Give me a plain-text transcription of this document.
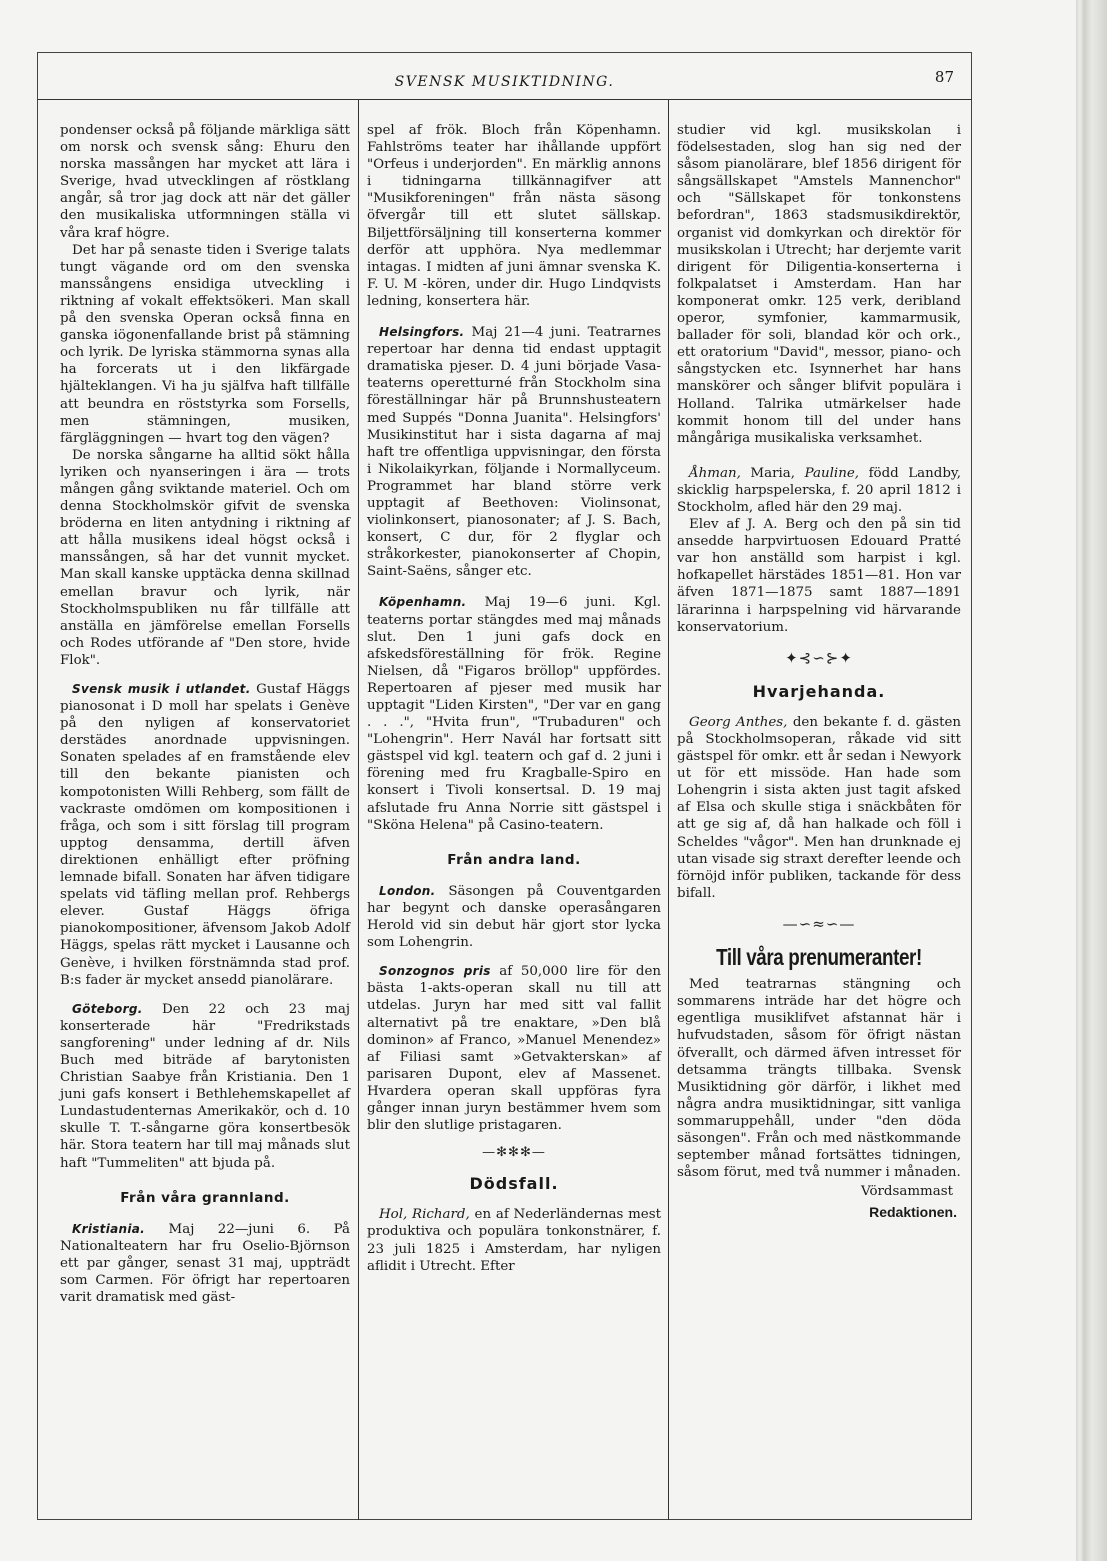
SVENSK MUSIKTIDNING.	87

pondenser också på följande märkliga sätt om norsk och svensk sång: Ehuru den norska massången har mycket att lära i Sverige, hvad utvecklingen af röstklang angår, så tror jag dock att när det gäller den musikaliska utformningen ställa vi våra kraf högre.

Det har på senaste tiden i Sverige talats tungt vägande ord om den svenska manssångens ensidiga utveckling i riktning af vokalt effektsökeri. Man skall på den svenska Operan också finna en ganska iögonenfallande brist på stämning och lyrik. De lyriska stämmorna synas alla ha forcerats ut i den likfärgade hjälteklangen. Vi ha ju själfva haft tillfälle att beundra en röststyrka som Forsells, men stämningen, musiken, färgläggningen — hvart tog den vägen?

De norska sångarne ha alltid sökt hålla lyriken och nyanseringen i ära — trots mången gång sviktande materiel. Och om denna Stockholmskör gifvit de svenska bröderna en liten antydning i riktning af att hålla musikens ideal högst också i manssången, så har det vunnit mycket. Man skall kanske upptäcka denna skillnad emellan bravur och lyrik, när Stockholmspubliken nu får tillfälle att anställa en jämförelse emellan Forsells och Rodes utförande af "Den store, hvide Flok".

Svensk musik i utlandet. Gustaf Häggs pianosonat i D moll har spelats i Genève på den nyligen af konservatoriet derstädes anordnade uppvisningen. Sonaten spelades af en framstående elev till den bekante pianisten och kompotonisten Willi Rehberg, som fällt de vackraste omdömen om kompositionen i fråga, och som i sitt förslag till program upptog densamma, dertill äfven direktionen enhälligt efter pröfning lemnade bifall. Sonaten har äfven tidigare spelats vid täfling mellan prof. Rehbergs elever. Gustaf Häggs öfriga pianokompositioner, äfvensom Jakob Adolf Häggs, spelas rätt mycket i Lausanne och Genève, i hvilken förstnämnda stad prof. B:s fader är mycket ansedd pianolärare.

Göteborg. Den 22 och 23 maj konserterade här "Fredrikstads sangforening" under ledning af dr. Nils Buch med biträde af barytonisten Christian Saabye från Kristiania. Den 1 juni gafs konsert i Bethlehemskapellet af Lundastudenternas Amerikakör, och d. 10 skulle T. T.-sångarne göra konsertbesök här. Stora teatern har till maj månads slut haft "Tummeliten" att bjuda på.

Från våra grannland.

Kristiania. Maj 22—juni 6. På Nationalteatern har fru Oselio-Björnson ett par gånger, senast 31 maj, uppträdt som Carmen. För öfrigt har repertoaren varit dramatisk med gäst-

spel af frök. Bloch från Köpenhamn. Fahlströms teater har ihållande uppfört "Orfeus i underjorden". En märklig annons i tidningarna tillkännagifver att "Musikforeningen" från nästa säsong öfvergår till ett slutet sällskap. Biljettförsäljning till konserterna kommer derför att upphöra. Nya medlemmar intagas. I midten af juni ämnar svenska K. F. U. M -kören, under dir. Hugo Lindqvists ledning, konsertera här.

Helsingfors. Maj 21—4 juni. Teatrarnes repertoar har denna tid endast upptagit dramatiska pjeser. D. 4 juni började Vasa-teaterns operetturné från Stockholm sina föreställningar här på Brunnshusteatern med Suppés "Donna Juanita". Helsingfors' Musikinstitut har i sista dagarna af maj haft tre offentliga uppvisningar, den första i Nikolaikyrkan, följande i Normallyceum. Programmet har bland större verk upptagit af Beethoven: Violinsonat, violinkonsert, pianosonater; af J. S. Bach, konsert, C dur, för 2 flyglar och stråkorkester, pianokonserter af Chopin, Saint-Saëns, sånger etc.

Köpenhamn. Maj 19—6 juni. Kgl. teaterns portar stängdes med maj månads slut. Den 1 juni gafs dock en afskedsföreställning för frök. Regine Nielsen, då "Figaros bröllop" uppfördes. Repertoaren af pjeser med musik har upptagit "Liden Kirsten", "Der var en gang . . .", "Hvita frun", "Trubaduren" och "Lohengrin". Herr Navál har fortsatt sitt gästspel vid kgl. teatern och gaf d. 2 juni i förening med fru Kragballe-Spiro en konsert i Tivoli konsertsal. D. 19 maj afslutade fru Anna Norrie sitt gästspel i "Sköna Helena" på Casino-teatern.

Från andra land.

London. Säsongen på Couventgarden har begynt och danske operasångaren Herold vid sin debut här gjort stor lycka som Lohengrin.

Sonzognos pris af 50,000 lire för den bästa 1-akts-operan skall nu till att utdelas. Juryn har med sitt val fallit alternativt på tre enaktare, »Den blå dominon» af Franco, »Manuel Menendez» af Filiasi samt »Getvakterskan» af parisaren Dupont, elev af Massenet. Hvardera operan skall uppföras fyra gånger innan juryn bestämmer hvem som blir den slutlige pristagaren.

—✻✻✻—
Dödsfall.

Hol, Richard, en af Nederländernas mest produktiva och populära tonkonstnärer, f. 23 juli 1825 i Amsterdam, har nyligen aflidit i Utrecht. Efter

studier vid kgl. musikskolan i födelsestaden, slog han sig ned der såsom pianolärare, blef 1856 dirigent för sångsällskapet "Amstels Mannenchor" och "Sällskapet för tonkonstens befordran", 1863 stadsmusikdirektör, organist vid domkyrkan och direktör för musikskolan i Utrecht; har derjemte varit dirigent för Diligentia-konserterna i folkpalatset i Amsterdam. Han har komponerat omkr. 125 verk, deribland operor, symfonier, kammarmusik, ballader för soli, blandad kör och ork., ett oratorium "David", messor, piano- och sångstycken etc. Isynnerhet har hans manskörer och sånger blifvit populära i Holland. Talrika utmärkelser hade kommit honom till del under hans mångåriga musikaliska verksamhet.

Åhman, Maria, Pauline, född Landby, skicklig harpspelerska, f. 20 april 1812 i Stockholm, afled här den 29 maj.

Elev af J. A. Berg och den på sin tid ansedde harpvirtuosen Edouard Pratté var hon anställd som harpist i kgl. hofkapellet härstädes 1851—81. Hon var äfven 1871—1875 samt 1887—1891 lärarinna i harpspelning vid härvarande konservatorium.

✦⊰∽⊱✦
Hvarjehanda.

Georg Anthes, den bekante f. d. gästen på Stockholmsoperan, råkade vid sitt gästspel för omkr. ett år sedan i Newyork ut för ett missöde. Han hade som Lohengrin i sista akten just tagit afsked af Elsa och skulle stiga i snäckbåten för att ge sig af, då han halkade och föll i Scheldes "vågor". Men han drunknade ej utan visade sig straxt derefter leende och förnöjd inför publiken, tackande för dess bifall.

—∽≈∽—
Till våra prenumeranter!

Med teatrarnas stängning och sommarens inträde har det högre och egentliga musiklifvet afstannat här i hufvudstaden, såsom för öfrigt nästan öfverallt, och därmed äfven intresset för detsamma trängts tillbaka. Svensk Musiktidning gör därför, i likhet med några andra musiktidningar, sitt vanliga sommaruppehåll, under "den döda säsongen". Från och med nästkommande september månad fortsättes tidningen, såsom förut, med två nummer i månaden.

Vördsammast
Redaktionen.
